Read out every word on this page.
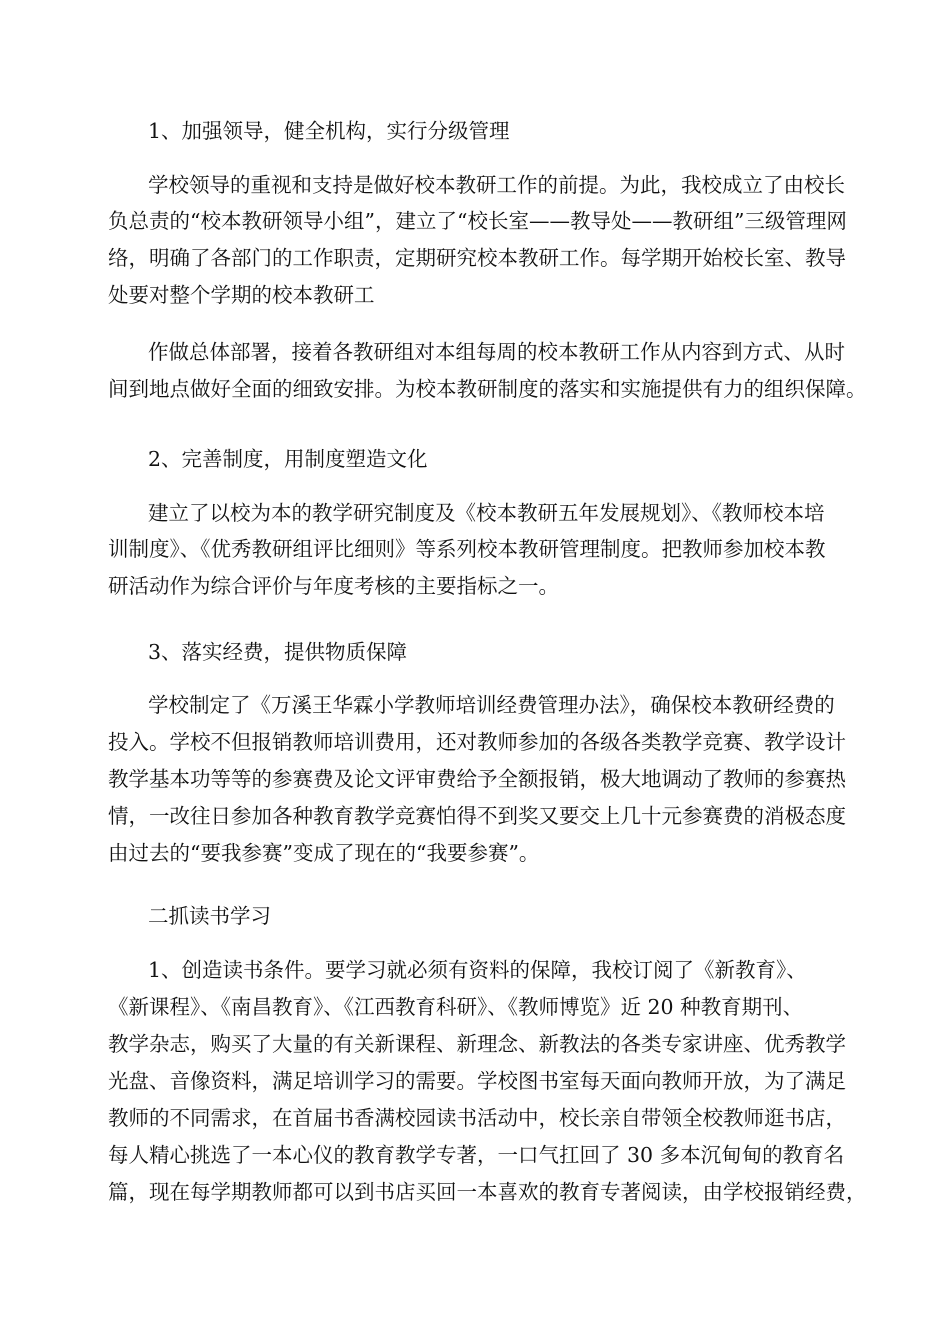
1、加强领导，健全机构，实行分级管理
学校领导的重视和支持是做好校本教研工作的前提。为此，我校成立了由校长
负总责的“校本教研领导小组”，建立了“校长室——教导处——教研组”三级管理网
络，明确了各部门的工作职责，定期研究校本教研工作。每学期开始校长室、教导
处要对整个学期的校本教研工
作做总体部署，接着各教研组对本组每周的校本教研工作从内容到方式、从时
间到地点做好全面的细致安排。为校本教研制度的落实和实施提供有力的组织保障。
2、完善制度，用制度塑造文化
建立了以校为本的教学研究制度及《校本教研五年发展规划》、《教师校本培
训制度》、《优秀教研组评比细则》等系列校本教研管理制度。把教师参加校本教
研活动作为综合评价与年度考核的主要指标之一。
3、落实经费，提供物质保障
学校制定了《万溪王华霖小学教师培训经费管理办法》，确保校本教研经费的
投入。学校不但报销教师培训费用，还对教师参加的各级各类教学竞赛、教学设计
教学基本功等等的参赛费及论文评审费给予全额报销，极大地调动了教师的参赛热
情，一改往日参加各种教育教学竞赛怕得不到奖又要交上几十元参赛费的消极态度
由过去的“要我参赛”变成了现在的“我要参赛”。
二抓读书学习
1、创造读书条件。要学习就必须有资料的保障，我校订阅了《新教育》、
《新课程》、《南昌教育》、《江西教育科研》、《教师博览》近 20 种教育期刊、
教学杂志，购买了大量的有关新课程、新理念、新教法的各类专家讲座、优秀教学
光盘、音像资料，满足培训学习的需要。学校图书室每天面向教师开放，为了满足
教师的不同需求，在首届书香满校园读书活动中，校长亲自带领全校教师逛书店，
每人精心挑选了一本心仪的教育教学专著，一口气扛回了 30 多本沉甸甸的教育名
篇，现在每学期教师都可以到书店买回一本喜欢的教育专著阅读，由学校报销经费，
